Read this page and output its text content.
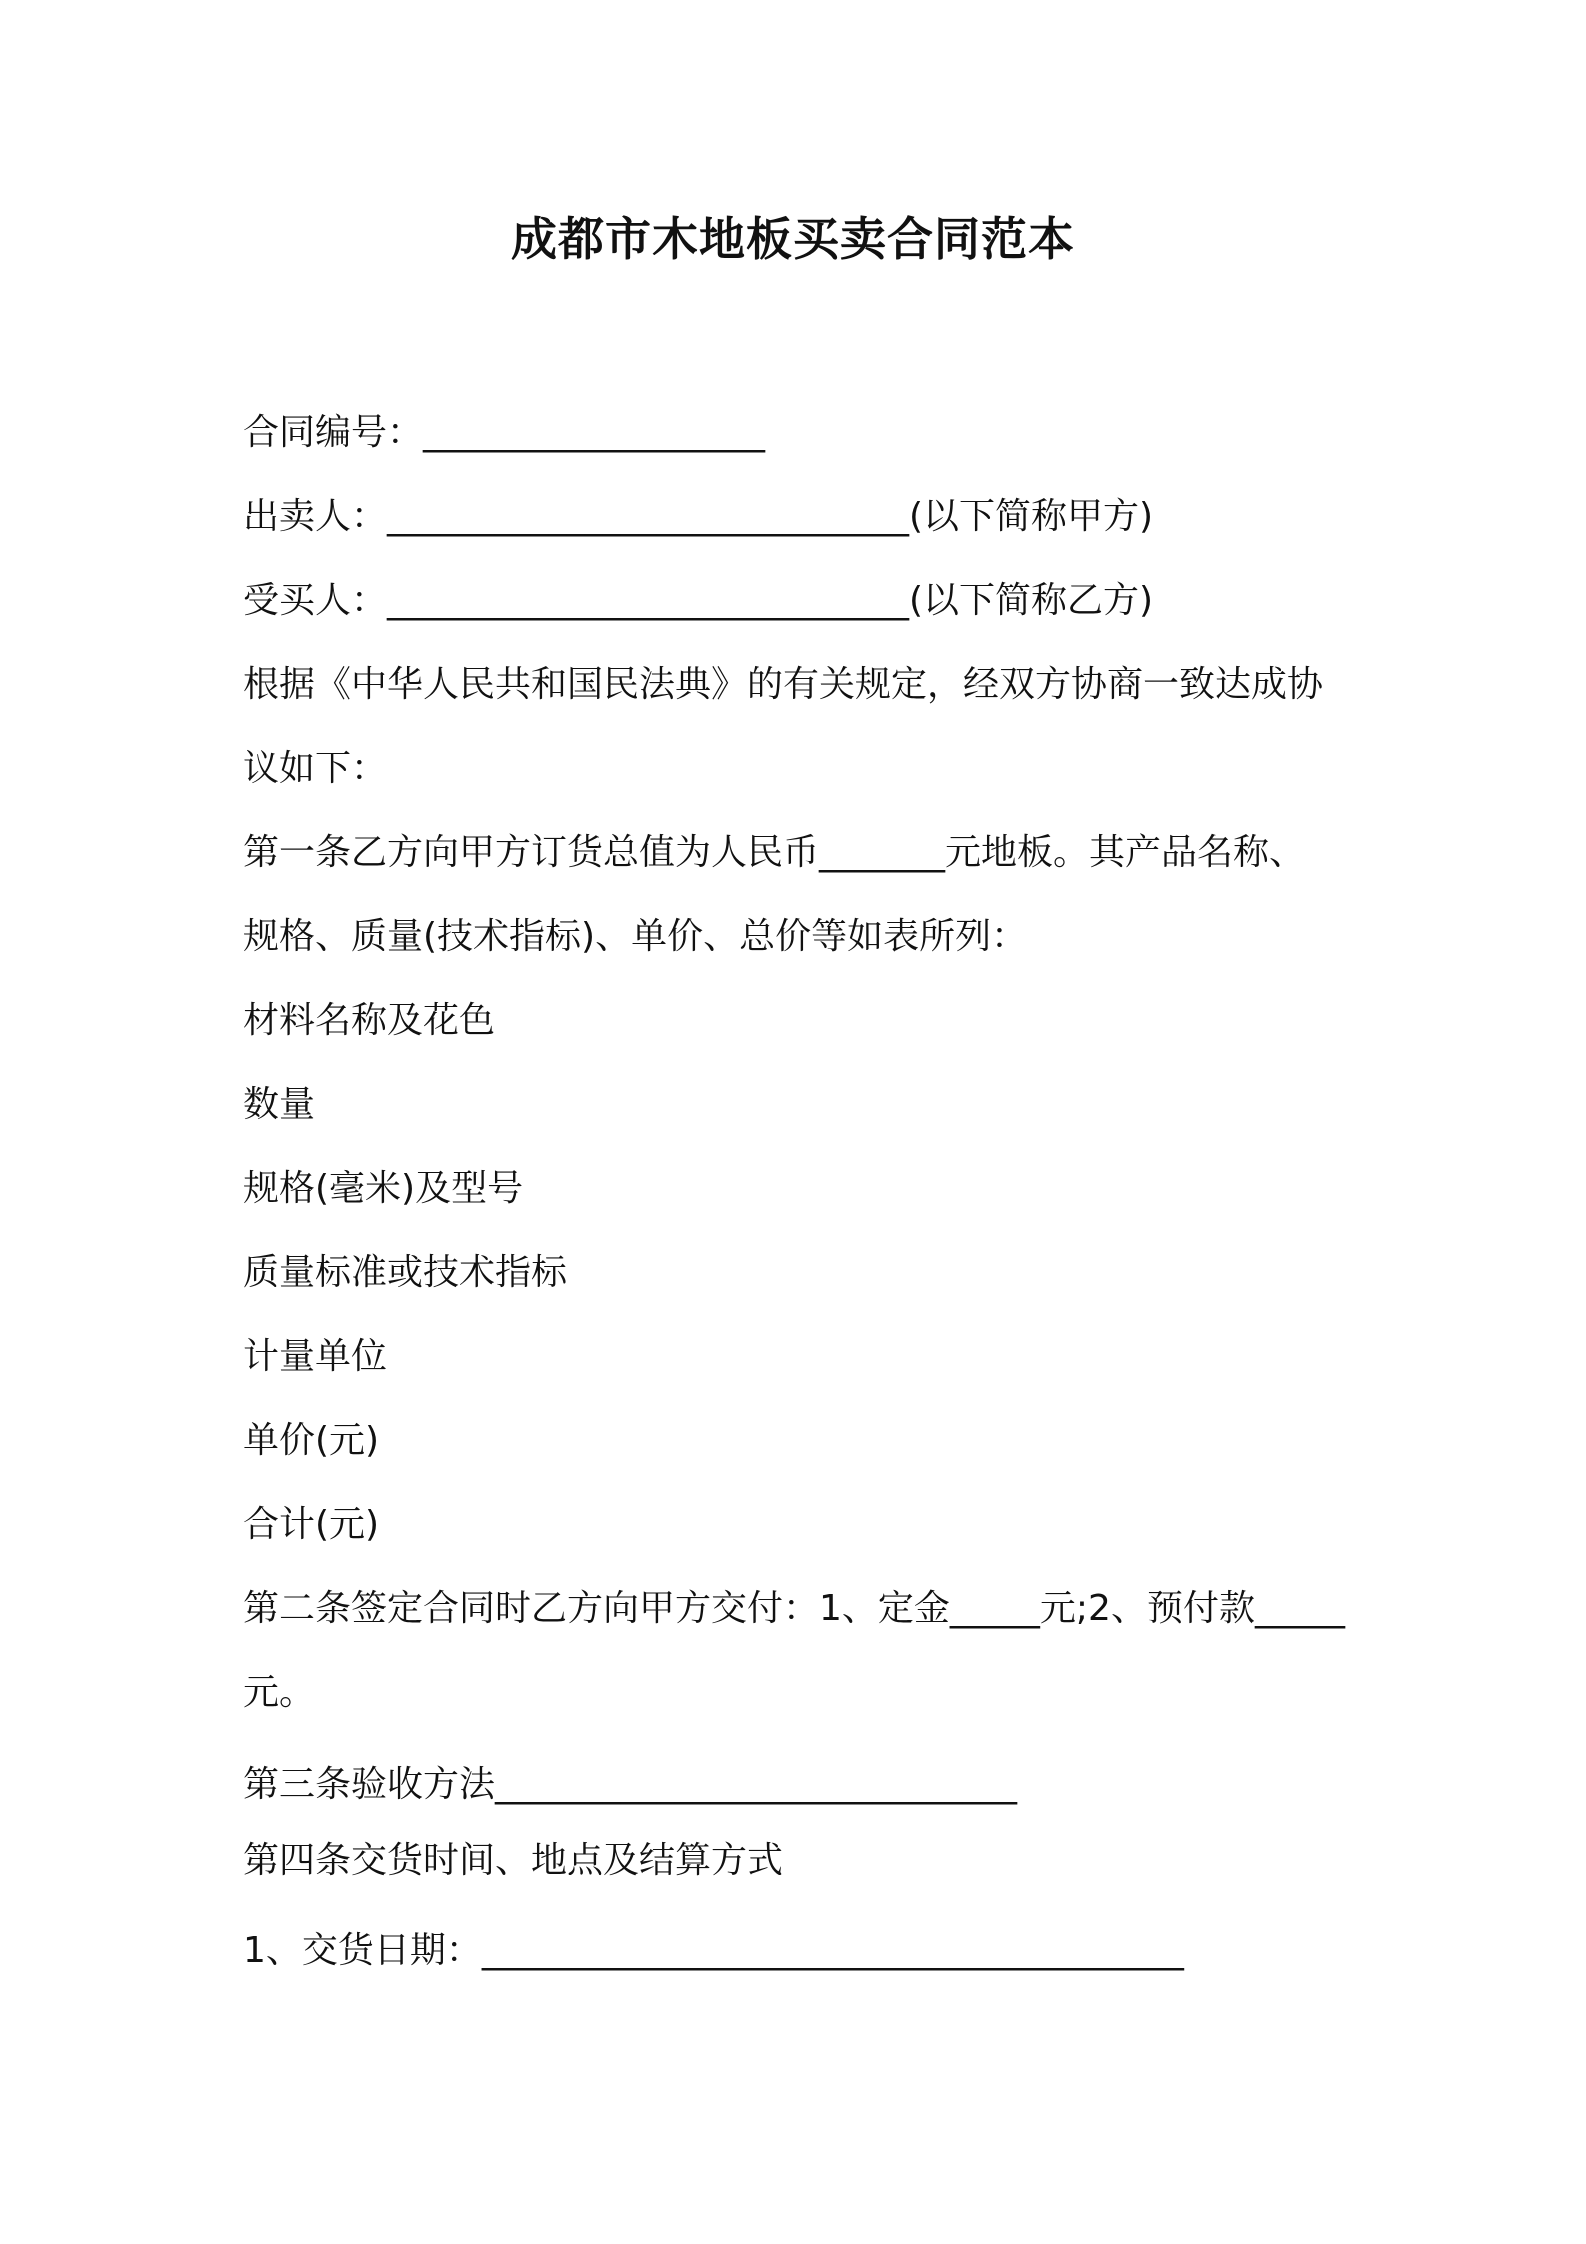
成都市木地板买卖合同范本
合同编号：___________________
出卖人：_____________________________(以下简称甲方)
受买人：_____________________________(以下简称乙方)
根据《中华人民共和国民法典》的有关规定，经双方协商一致达成协
议如下：
第一条乙方向甲方订货总值为人民币_______元地板。其产品名称、
规格、质量(技术指标)、单价、总价等如表所列：
材料名称及花色
数量
规格(毫米)及型号
质量标准或技术指标
计量单位
单价(元)
合计(元)
第二条签定合同时乙方向甲方交付：1、定金_____元;2、预付款_____
元。
第三条验收方法_____________________________
第四条交货时间、地点及结算方式
1、交货日期：_______________________________________
